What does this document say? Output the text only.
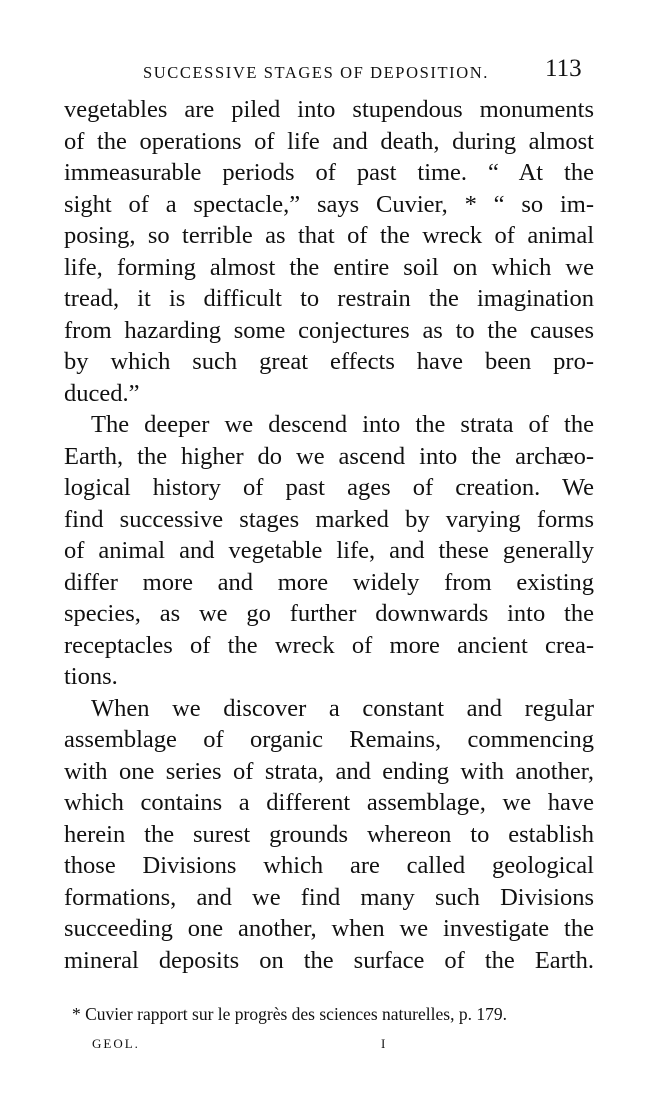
SUCCESSIVE STAGES OF DEPOSITION. 113
vegetables are piled into stupendous monuments
of the operations of life and death, during almost
immeasurable periods of past time. “ At the
sight of a spectacle,” says Cuvier, * “ so im-
posing, so terrible as that of the wreck of animal
life, forming almost the entire soil on which we
tread, it is difficult to restrain the imagination
from hazarding some conjectures as to the causes
by which such great effects have been pro-
duced.”
The deeper we descend into the strata of the
Earth, the higher do we ascend into the archæo-
logical history of past ages of creation. We
find successive stages marked by varying forms
of animal and vegetable life, and these generally
differ more and more widely from existing
species, as we go further downwards into the
receptacles of the wreck of more ancient crea-
tions.
When we discover a constant and regular
assemblage of organic Remains, commencing
with one series of strata, and ending with another,
which contains a different assemblage, we have
herein the surest grounds whereon to establish
those Divisions which are called geological
formations, and we find many such Divisions
succeeding one another, when we investigate the
mineral deposits on the surface of the Earth.
* Cuvier rapport sur le progrès des sciences naturelles, p. 179.
GEOL.	I
